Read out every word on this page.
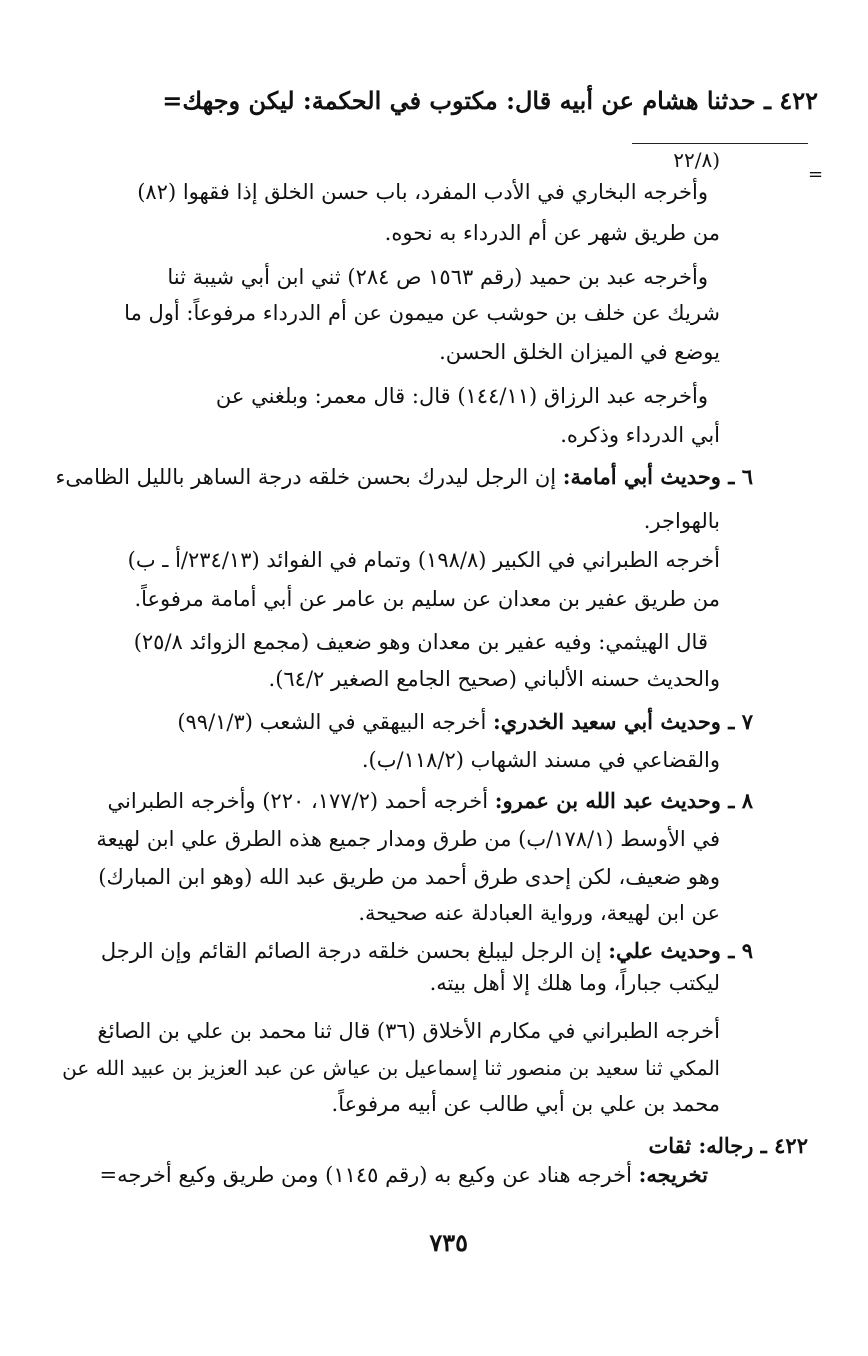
٤٢٢ ـ حدثنا هشام عن أبيه قال: مكتوب في الحكمة: ليكن وجهك=
=
(٢٢/٨
وأخرجه البخاري في الأدب المفرد، باب حسن الخلق إذا فقهوا (٨٢)
من طريق شهر عن أم الدرداء به نحوه.
وأخرجه عبد بن حميد (رقم ١٥٦٣ ص ٢٨٤) ثني ابن أبي شيبة ثنا
شريك عن خلف بن حوشب عن ميمون عن أم الدرداء مرفوعاً: أول ما
يوضع في الميزان الخلق الحسن.
وأخرجه عبد الرزاق (١٤٤/١١) قال: قال معمر: وبلغني عن
أبي الدرداء وذكره.
٦ ـ وحديث أبي أمامة: إن الرجل ليدرك بحسن خلقه درجة الساهر بالليل الظامىء
بالهواجر.
أخرجه الطبراني في الكبير (١٩٨/٨) وتمام في الفوائد (٢٣٤/١٣/أ ـ ب)
من طريق عفير بن معدان عن سليم بن عامر عن أبي أمامة مرفوعاً.
قال الهيثمي: وفيه عفير بن معدان وهو ضعيف (مجمع الزوائد ٢٥/٨)
والحديث حسنه الألباني (صحيح الجامع الصغير ٦٤/٢).
٧ ـ وحديث أبي سعيد الخدري: أخرجه البيهقي في الشعب (٩٩/١/٣)
والقضاعي في مسند الشهاب (١١٨/٢/ب).
٨ ـ وحديث عبد الله بن عمرو: أخرجه أحمد (١٧٧/٢، ٢٢٠) وأخرجه الطبراني
في الأوسط (١٧٨/١/ب) من طرق ومدار جميع هذه الطرق علي ابن لهيعة
وهو ضعيف، لكن إحدى طرق أحمد من طريق عبد الله (وهو ابن المبارك)
عن ابن لهيعة، ورواية العبادلة عنه صحيحة.
٩ ـ وحديث علي: إن الرجل ليبلغ بحسن خلقه درجة الصائم القائم وإن الرجل
ليكتب جباراً، وما هلك إلا أهل بيته.
أخرجه الطبراني في مكارم الأخلاق (٣٦) قال ثنا محمد بن علي بن الصائغ
المكي ثنا سعيد بن منصور ثنا إسماعيل بن عياش عن عبد العزيز بن عبيد الله عن
محمد بن علي بن أبي طالب عن أبيه مرفوعاً.
٤٢٢ ـ رجاله: ثقات
تخريجه: أخرجه هناد عن وكيع به (رقم ١١٤٥) ومن طريق وكيع أخرجه=
٧٣٥
